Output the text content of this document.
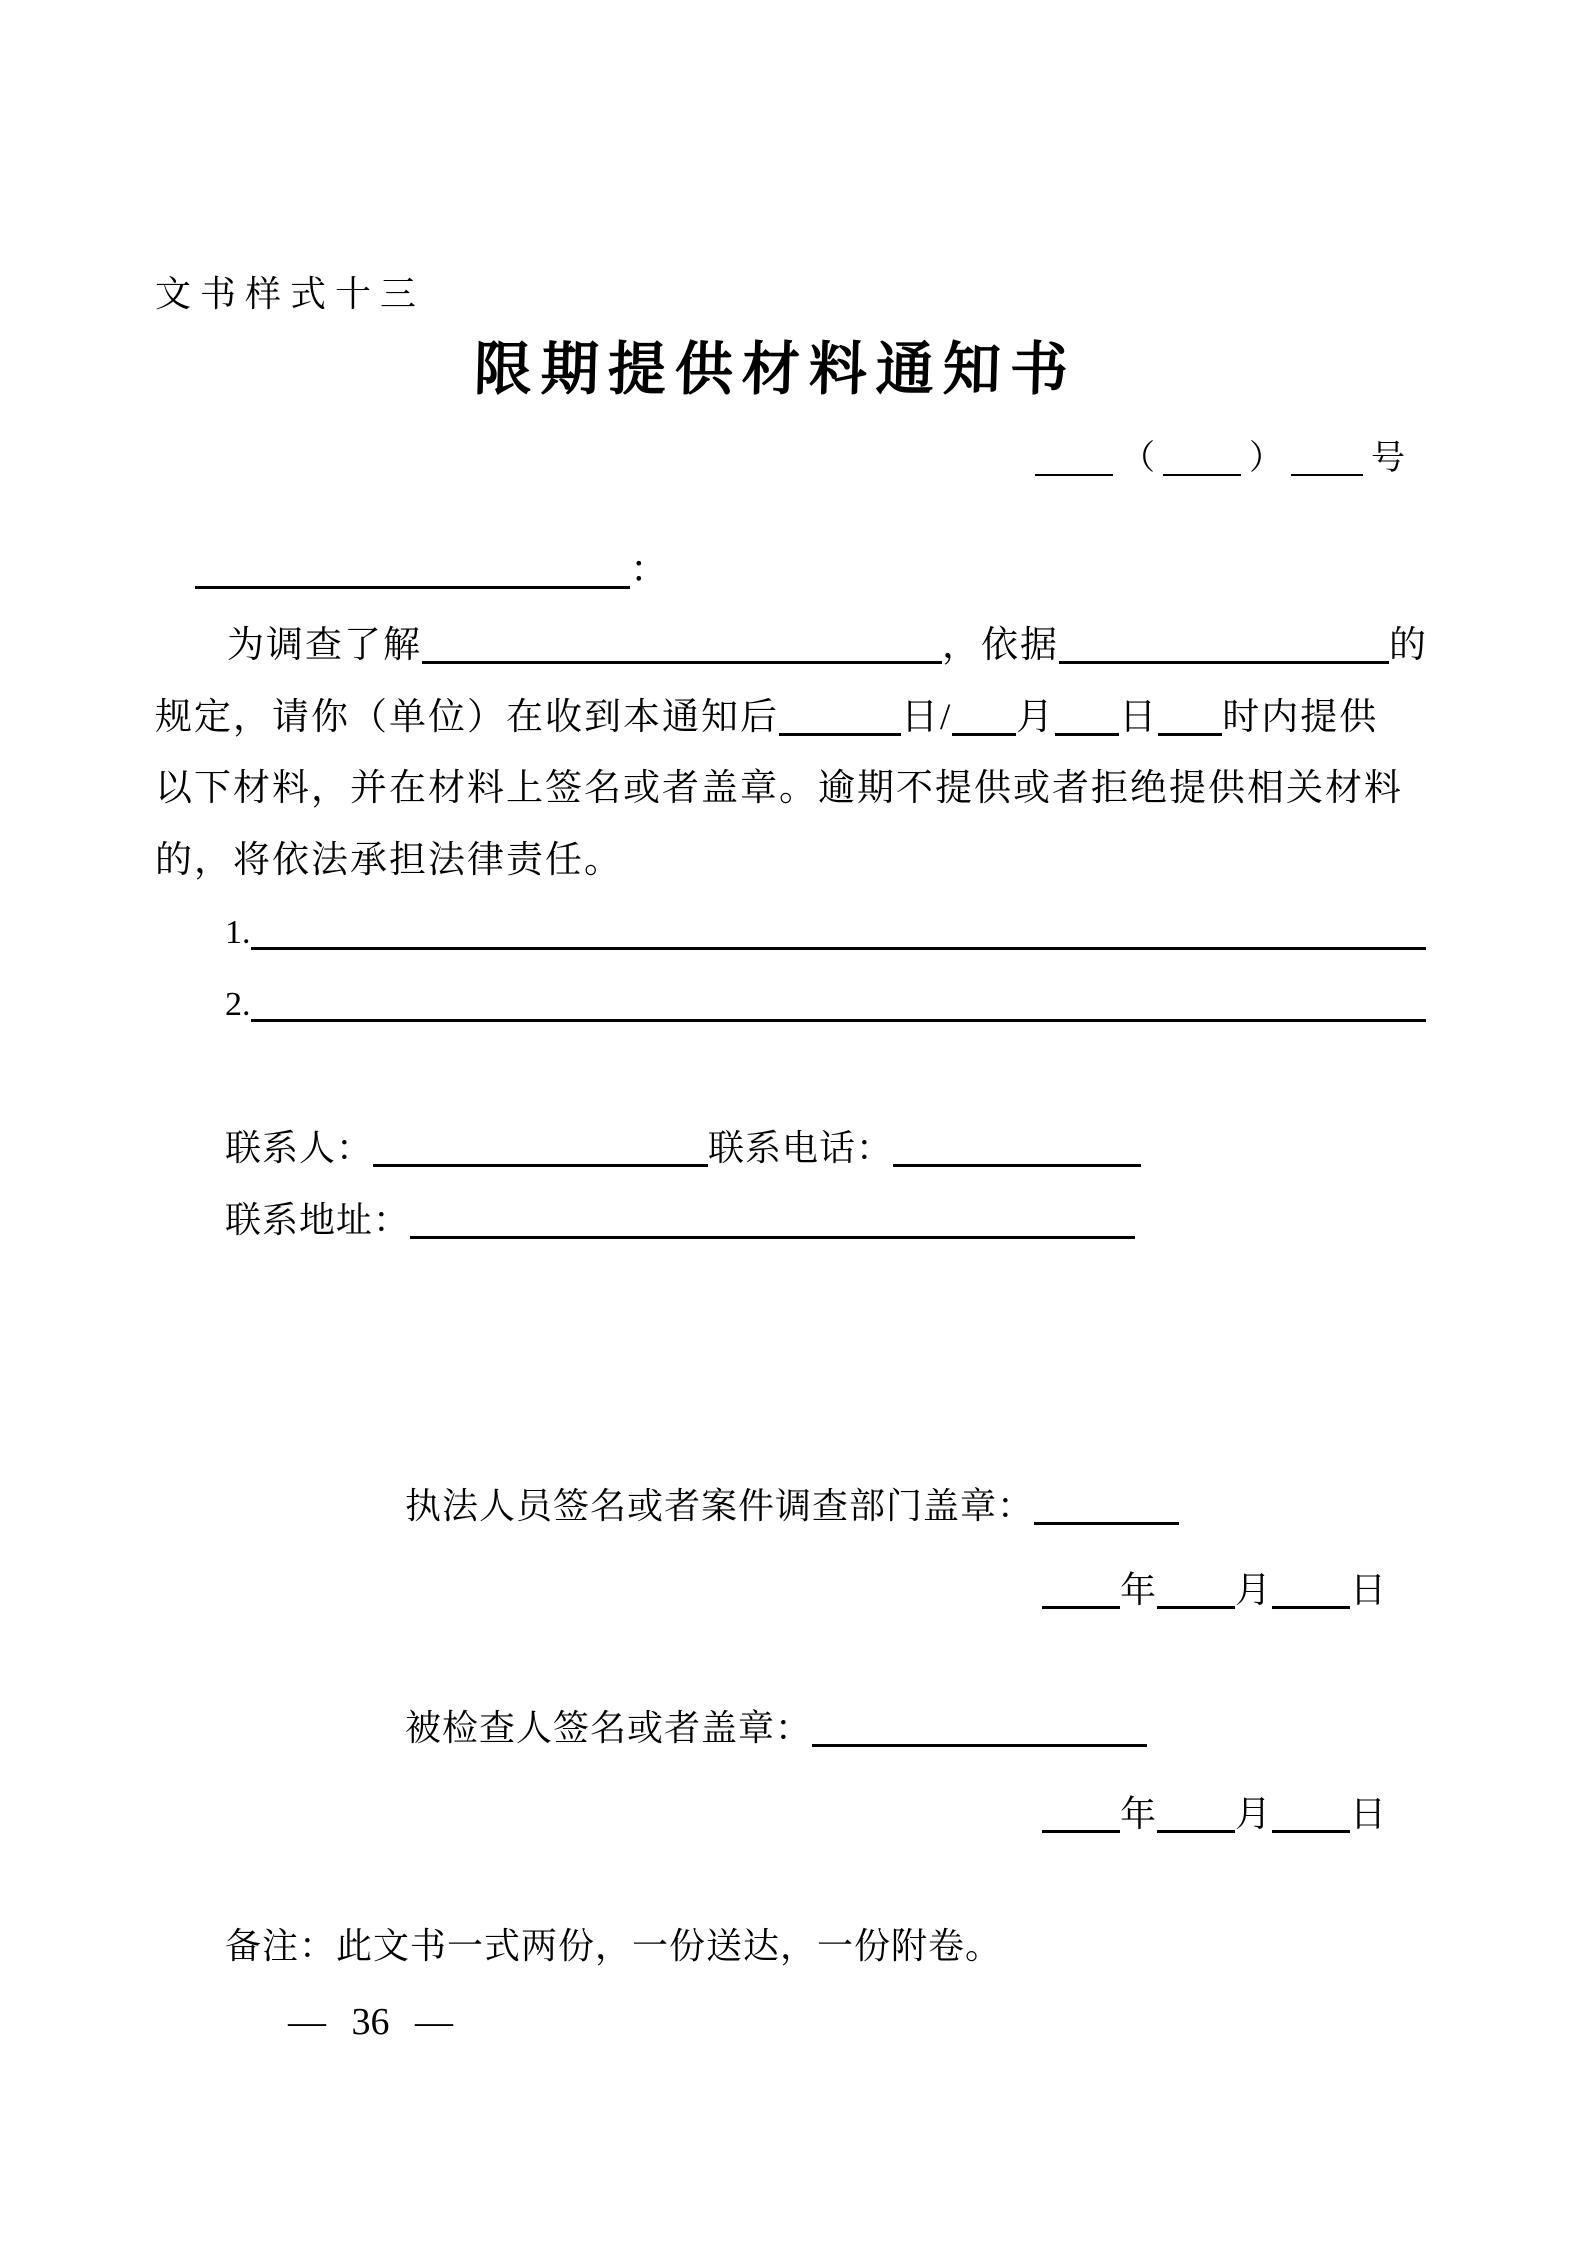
文书样式十三
限期提供材料通知书
（	）	号
：
为调查了解	，依据	的
规定，请你（单位）在收到本通知后	日/ 月 日 时内提供
以下材料，并在材料上签名或者盖章。逾期不提供或者拒绝提供相关材料
的，将依法承担法律责任。
1.
2.
联系人：	联系电话：
联系地址：
执法人员签名或者案件调查部门盖章：
年 月 日
被检查人签名或者盖章：
年 月 日
备注：此文书一式两份，一份送达，一份附卷。
— 36 —
